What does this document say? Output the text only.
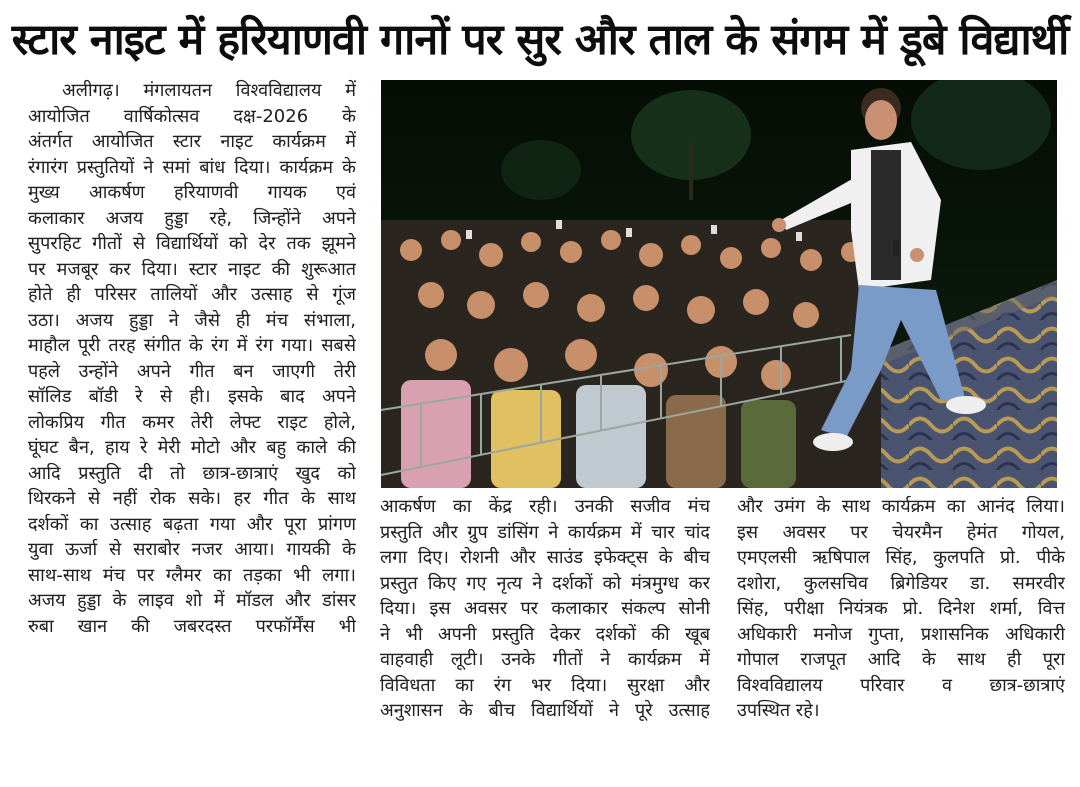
स्टार नाइट में हरियाणवी गानों पर सुर और ताल के संगम में डूबे विद्यार्थी
अलीगढ़। मंगलायतन विश्वविद्यालय में
आयोजित वार्षिकोत्सव दक्ष-2026 के
अंतर्गत आयोजित स्टार नाइट कार्यक्रम में
रंगारंग प्रस्तुतियों ने समां बांध दिया। कार्यक्रम के
मुख्य आकर्षण हरियाणवी गायक एवं
कलाकार अजय हुड्डा रहे, जिन्होंने अपने
सुपरहिट गीतों से विद्यार्थियों को देर तक झूमने
पर मजबूर कर दिया। स्टार नाइट की शुरूआत
होते ही परिसर तालियों और उत्साह से गूंज
उठा। अजय हुड्डा ने जैसे ही मंच संभाला,
माहौल पूरी तरह संगीत के रंग में रंग गया। सबसे
पहले उन्होंने अपने गीत बन जाएगी तेरी
सॉलिड बॉडी रे से ही। इसके बाद अपने
लोकप्रिय गीत कमर तेरी लेफ्ट राइट होले,
घूंघट बैन, हाय रे मेरी मोटो और बहु काले की
आदि प्रस्तुति दी तो छात्र-छात्राएं खुद को
थिरकने से नहीं रोक सके। हर गीत के साथ
दर्शकों का उत्साह बढ़ता गया और पूरा प्रांगण
युवा ऊर्जा से सराबोर नजर आया। गायकी के
साथ-साथ मंच पर ग्लैमर का तड़का भी लगा।
अजय हुड्डा के लाइव शो में मॉडल और डांसर
रुबा खान की जबरदस्त परफॉर्मेंस भी
आकर्षण का केंद्र रही। उनकी सजीव मंच
प्रस्तुति और ग्रुप डांसिंग ने कार्यक्रम में चार चांद
लगा दिए। रोशनी और साउंड इफेक्ट्स के बीच
प्रस्तुत किए गए नृत्य ने दर्शकों को मंत्रमुग्ध कर
दिया। इस अवसर पर कलाकार संकल्प सोनी
ने भी अपनी प्रस्तुति देकर दर्शकों की खूब
वाहवाही लूटी। उनके गीतों ने कार्यक्रम में
विविधता का रंग भर दिया। सुरक्षा और
अनुशासन के बीच विद्यार्थियों ने पूरे उत्साह
और उमंग के साथ कार्यक्रम का आनंद लिया।
इस अवसर पर चेयरमैन हेमंत गोयल,
एमएलसी ऋषिपाल सिंह, कुलपति प्रो. पीके
दशोरा, कुलसचिव ब्रिगेडियर डा. समरवीर
सिंह, परीक्षा नियंत्रक प्रो. दिनेश शर्मा, वित्त
अधिकारी मनोज गुप्ता, प्रशासनिक अधिकारी
गोपाल राजपूत आदि के साथ ही पूरा
विश्वविद्यालय परिवार व छात्र-छात्राएं
उपस्थित रहे।
